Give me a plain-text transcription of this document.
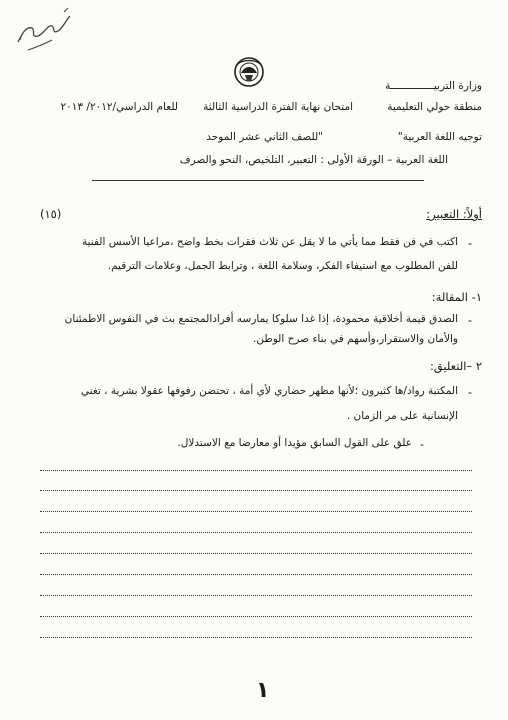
وزارة التربيــــــــــــــة
منطقة حولي التعليمية
امتحان نهاية الفترة الدراسية الثالثة
للعام الدراسي/٢٠١٢/ ٢٠١٣
توجيه اللغة العربية"
"للصف الثاني عشر الموحد
اللغة العربية – الورقة الأولى : التعبير، التلخيص، النحو والصرف
أولاً: التعبير:
(١٥)
-
اكتب في فن فقط مما يأتي ما لا يقل عن ثلاث فقرات بخط واضح ،مراعيا الأسس الفنية
للفن المطلوب مع استيفاء الفكر، وسلامة اللغة ، وترابط الجمل، وعلامات الترقيم.
١- المقالة:
-
الصدق قيمة أخلاقية محمودة، إذا غدا سلوكا يمارسه أفرادالمجتمع بث في النفوس الاطمئنان
والأمان والاستقرار،وأسهم في بناء صرح الوطن.
٢ –التعليق:
-
المكتبة رواد/ها كثيرون ؛لأنها مظهر حضاري لأي أمة ، تحتضن رفوفها عقولا بشرية ، تغني
الإنسانية على مر الزمان .
-
علق على القول السابق مؤيدا أو معارضا مع الاستدلال.
١
